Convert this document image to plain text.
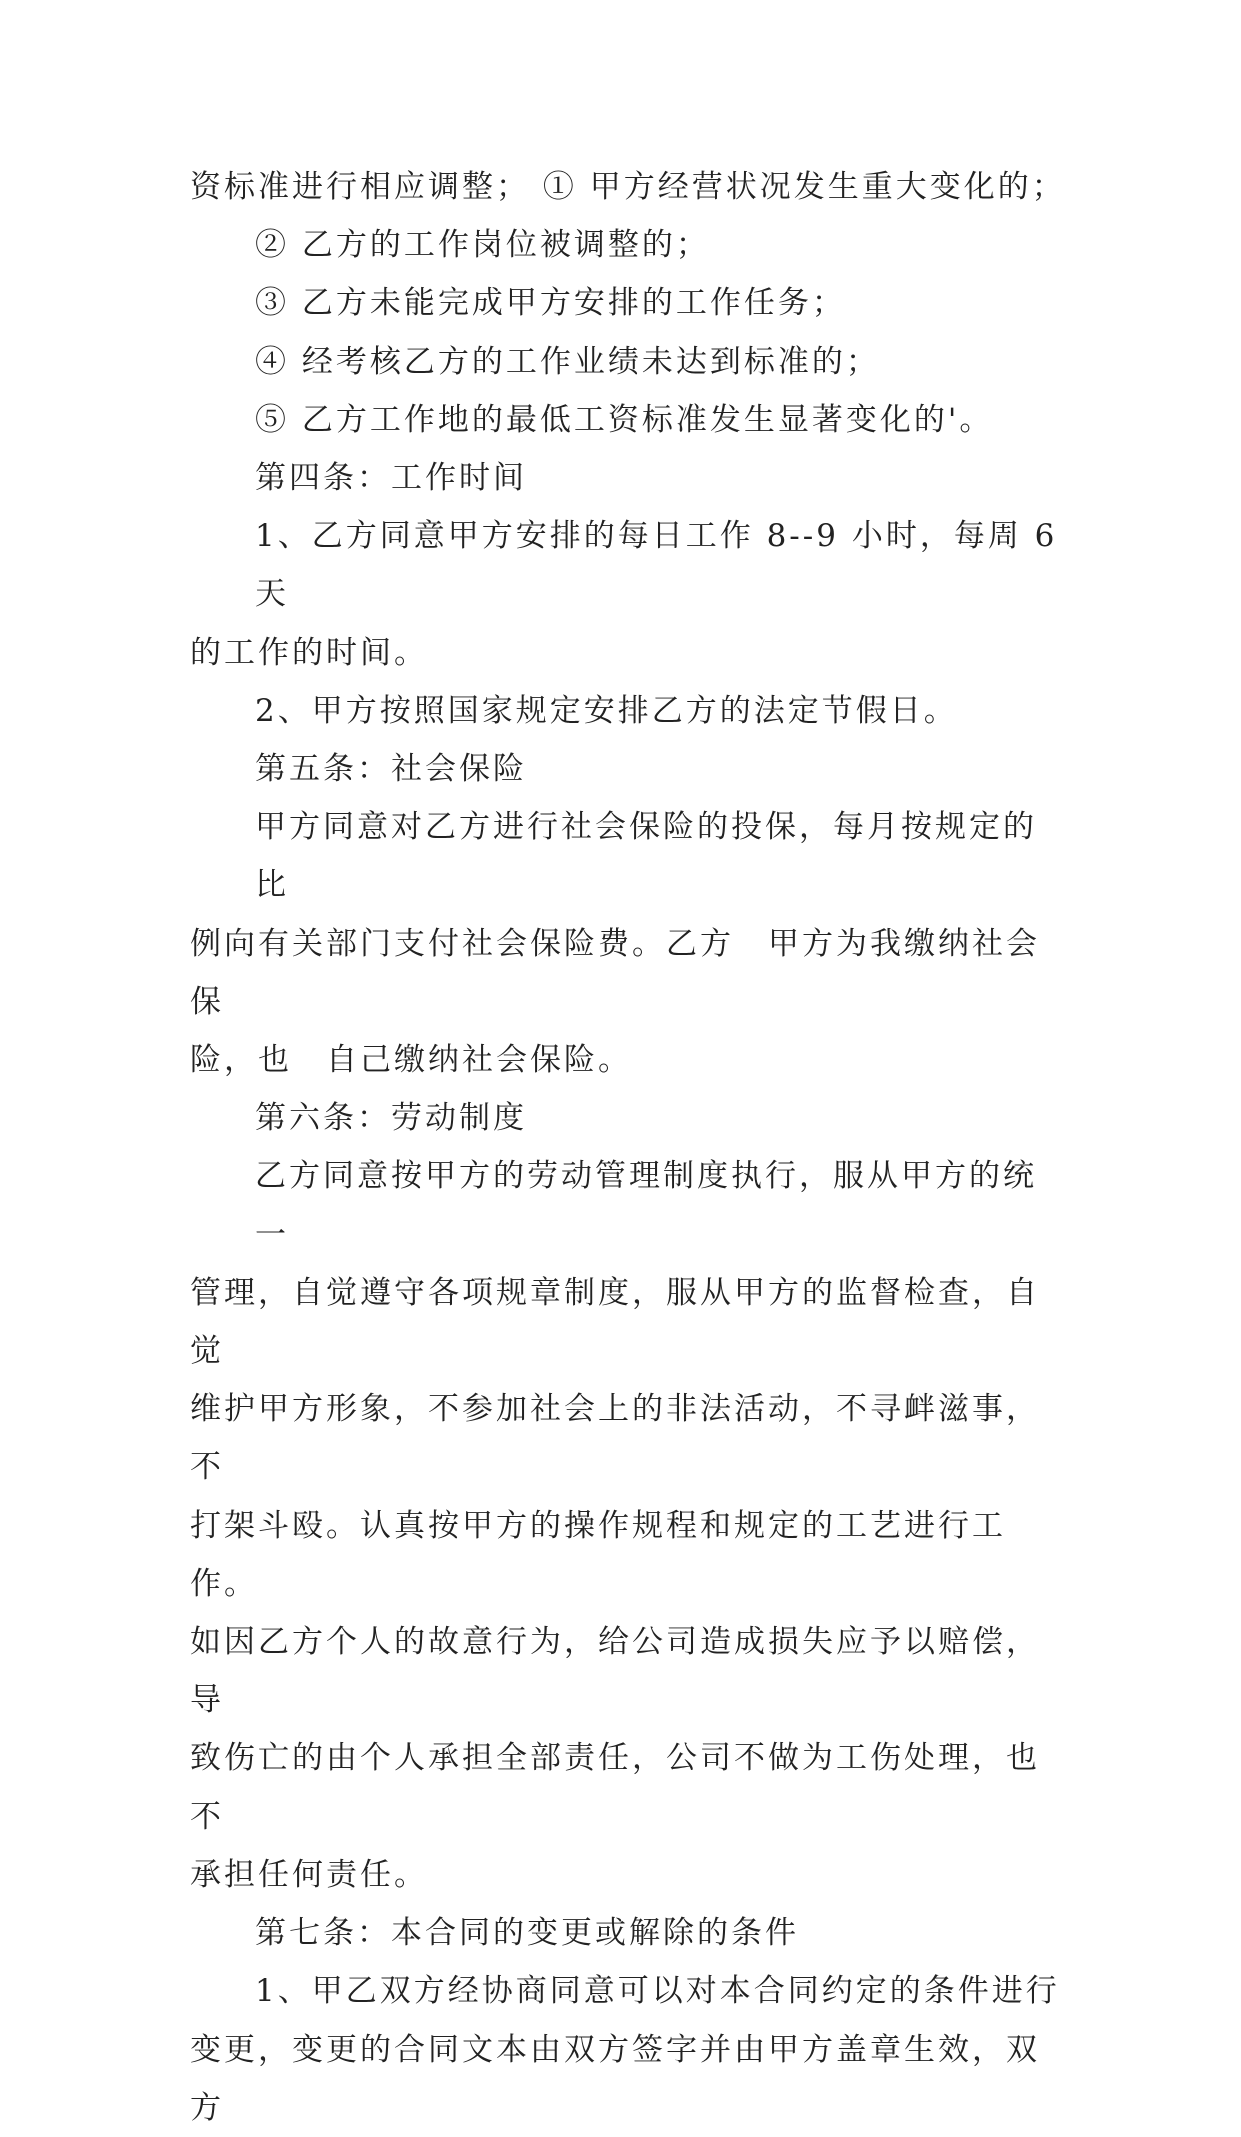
资标准进行相应调整； ① 甲方经营状况发生重大变化的；
② 乙方的工作岗位被调整的；
③ 乙方未能完成甲方安排的工作任务；
④ 经考核乙方的工作业绩未达到标准的；
⑤ 乙方工作地的最低工资标准发生显著变化的'。
第四条：工作时间
1、乙方同意甲方安排的每日工作 8--9 小时，每周 6 天
的工作的时间。
2、甲方按照国家规定安排乙方的法定节假日。
第五条：社会保险
甲方同意对乙方进行社会保险的投保，每月按规定的比
例向有关部门支付社会保险费。乙方　甲方为我缴纳社会保
险，也　自己缴纳社会保险。
第六条：劳动制度
乙方同意按甲方的劳动管理制度执行，服从甲方的统一
管理，自觉遵守各项规章制度，服从甲方的监督检查，自觉
维护甲方形象，不参加社会上的非法活动，不寻衅滋事，不
打架斗殴。认真按甲方的操作规程和规定的工艺进行工作。
如因乙方个人的故意行为，给公司造成损失应予以赔偿，导
致伤亡的由个人承担全部责任，公司不做为工伤处理，也不
承担任何责任。
第七条：本合同的变更或解除的条件
1、甲乙双方经协商同意可以对本合同约定的条件进行
变更，变更的合同文本由双方签字并由甲方盖章生效，双方
